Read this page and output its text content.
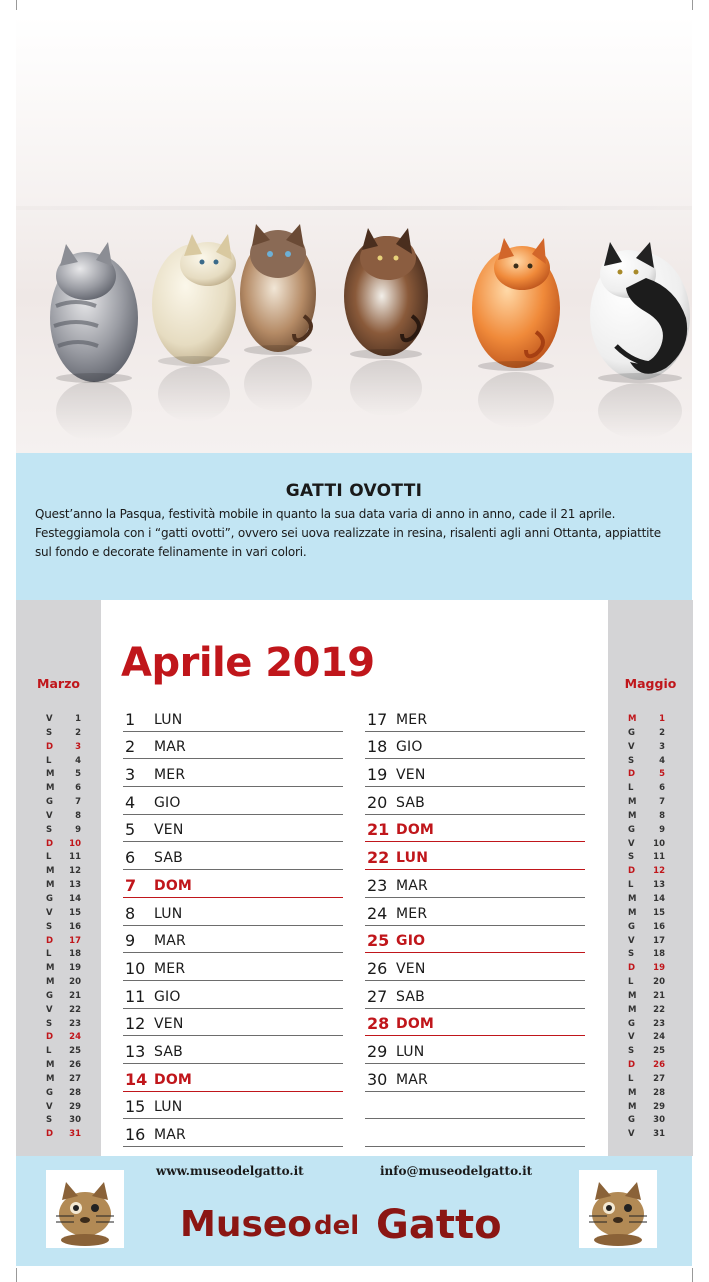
GATTI OVOTTI

Quest’anno la Pasqua, festività mobile in quanto la sua data varia di anno in anno, cade il 21 aprile. Festeggiamola con i “gatti ovotti”, ovvero sei uova realizzate in resina, risalenti agli anni Ottanta, appiattite sul fondo e decorate felinamente in vari colori.

Marzo
V	1
S	2
D	3
L	4
M	5
M	6
G	7
V	8
S	9
D	10
L	11
M	12
M	13
G	14
V	15
S	16
D	17
L	18
M	19
M	20
G	21
V	22
S	23
D	24
L	25
M	26
M	27
G	28
V	29
S	30
D	31
Aprile 2019
1 LUN
2 MAR
3 MER
4 GIO
5 VEN
6 SAB
7 DOM
8 LUN
9 MAR
10 MER
11 GIO
12 VEN
13 SAB
14 DOM
15 LUN
16 MAR
17 MER
18 GIO
19 VEN
20 SAB
21 DOM
22 LUN
23 MAR
24 MER
25 GIO
26 VEN
27 SAB
28 DOM
29 LUN
30 MAR
Maggio
M	1
G	2
V	3
S	4
D	5
L	6
M	7
M	8
G	9
V	10
S	11
D	12
L	13
M	14
M	15
G	16
V	17
S	18
D	19
L	20
M	21
M	22
G	23
V	24
S	25
D	26
L	27
M	28
M	29
G	30
V	31
www.museodelgatto.it	info@museodelgatto.it
Museo del Gatto
